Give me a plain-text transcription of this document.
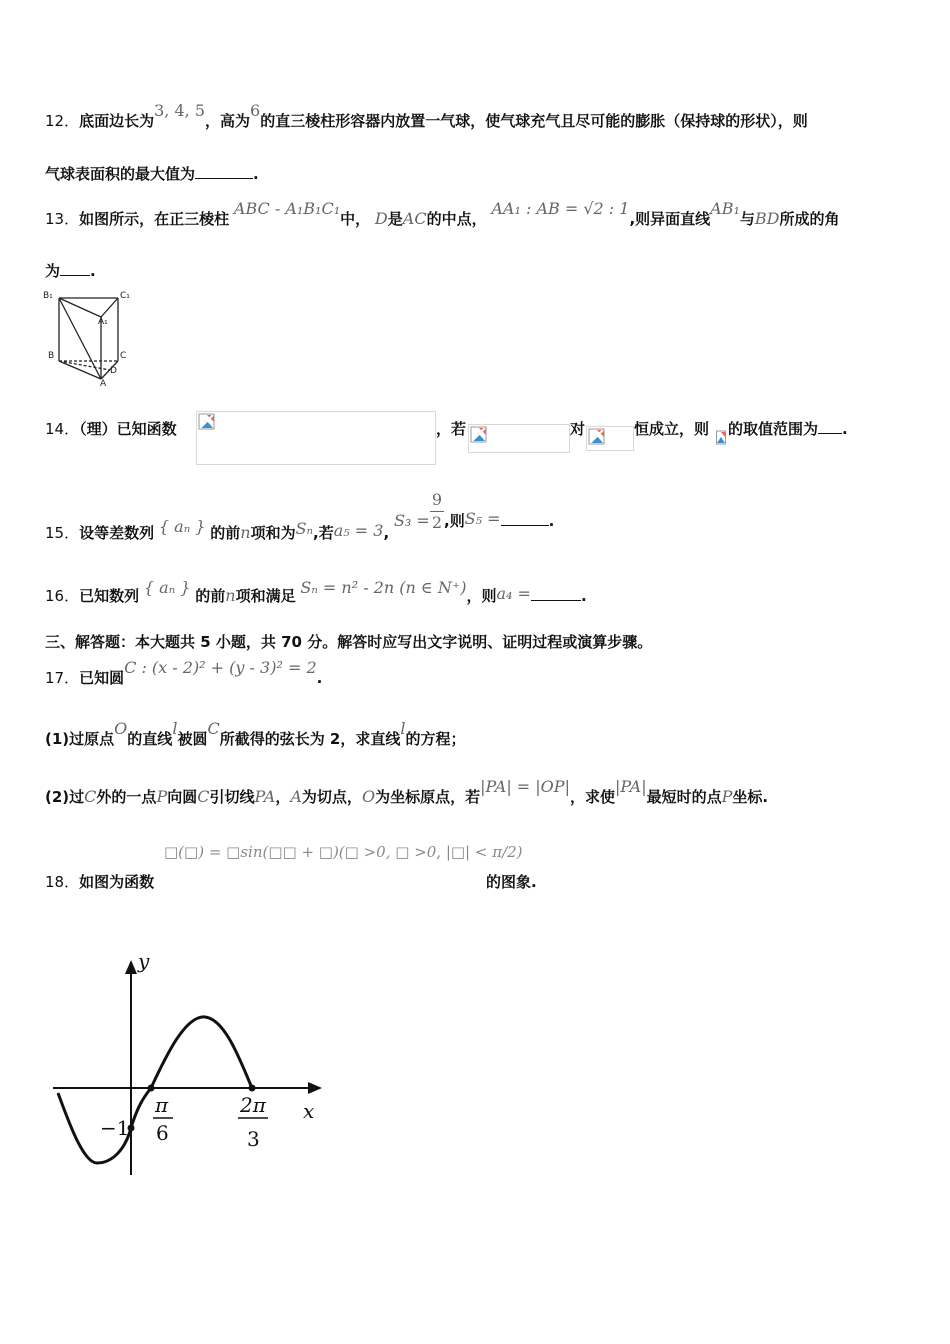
12．底面边长为3, 4, 5，高为6的直三棱柱形容器内放置一气球，使气球充气且尽可能的膨胀（保持球的形状），则
气球表面积的最大值为	.
13．如图所示，在正三棱柱 ABC - A₁B₁C₁中， D是AC的中点， AA₁ : AB = √2 : 1,则异面直线AB₁与BD所成的角
为 .
B₁	C₁
A₁
B	C
D
A
14．（理）已知函数	，若	对	恒成立，则 的取值范围为 .
15．设等差数列 { aₙ } 的前n项和为Sₙ,若a₅ = 3, $S_3 = \frac{9}{2}$ ,则S₅ =	.
16．已知数列 { aₙ } 的前n项和满足 Sₙ = n² - 2n (n ∈ N⁺)，则a₄ =	.
三、解答题：本大题共 5 小题，共 70 分。解答时应写出文字说明、证明过程或演算步骤。
17．已知圆C : (x - 2)² + (y - 3)² = 2.
(1)过原点O的直线l被圆C所截得的弦长为 2，求直线l的方程；
(2)过C外的一点P向圆C引切线PA，A为切点，O为坐标原点，若|PA| = |OP|，求使|PA|最短时的点P坐标.
□(□) = □sin(□□ + □)(□ >0, □ >0, |□| < π/2)
18．如图为函数	的图象.
y
x
−1
π
6
2π
3
